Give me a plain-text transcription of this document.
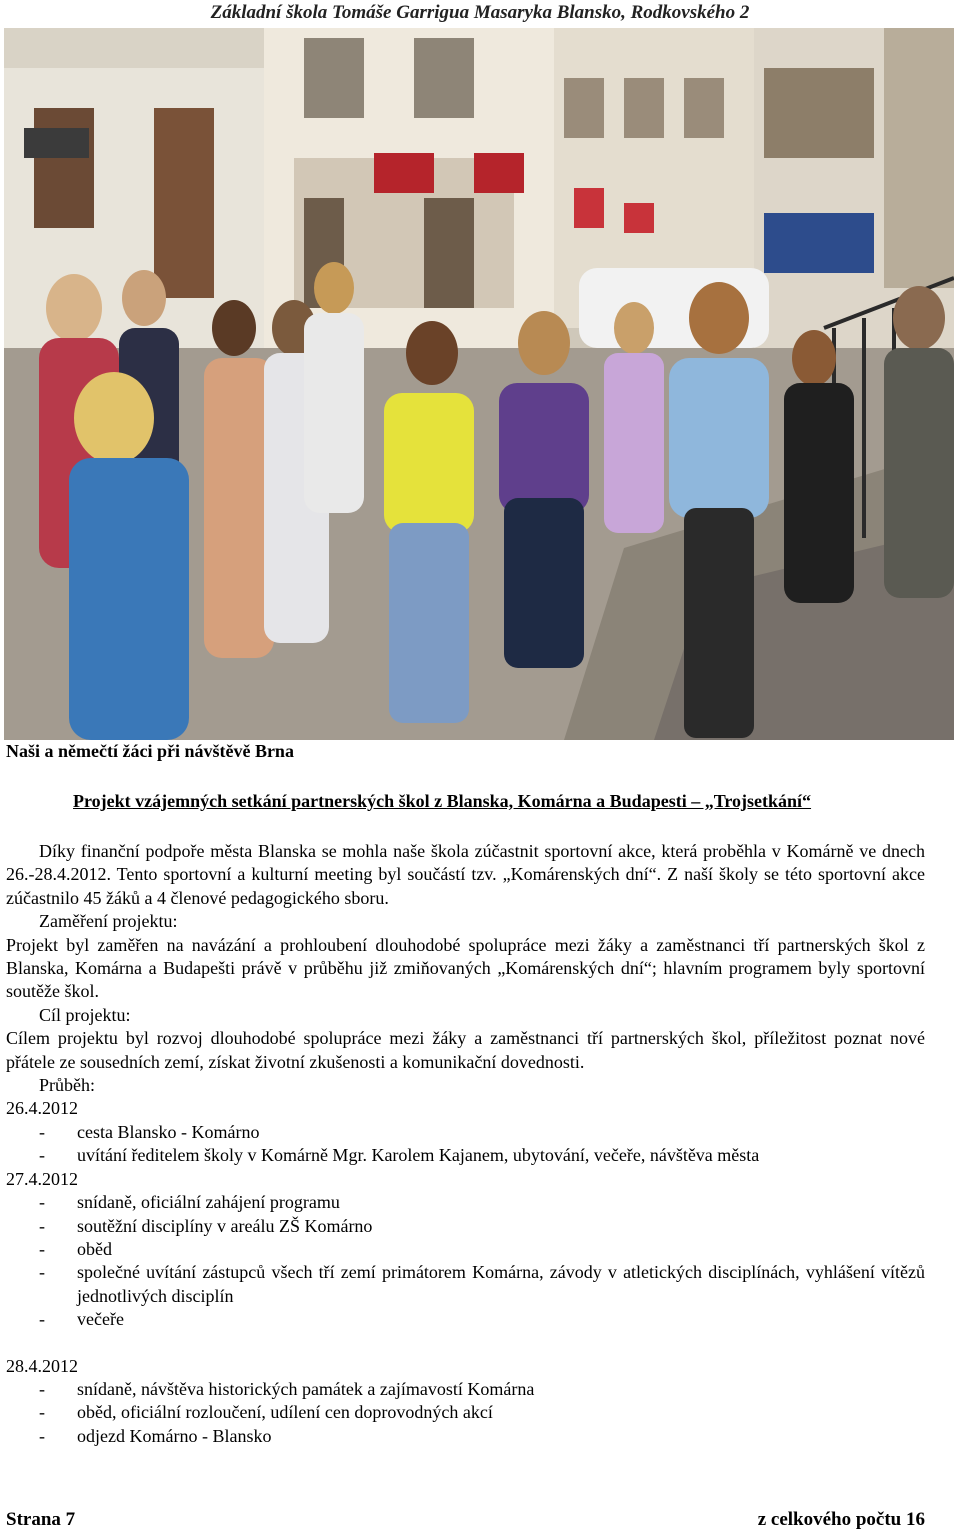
Základní škola Tomáše Garrigua Masaryka Blansko, Rodkovského 2
Naši a němečtí žáci při návštěvě Brna
Projekt vzájemných setkání partnerských škol z Blanska, Komárna a Budapesti – „Trojsetkání“

Díky finanční podpoře města Blanska se mohla naše škola zúčastnit sportovní akce, která proběhla v Komárně ve dnech 26.-28.4.2012. Tento sportovní a kulturní meeting byl součástí tzv. „Komárenských dní“. Z naší školy se této sportovní akce zúčastnilo 45 žáků a 4 členové pedagogického sboru.

Zaměření projektu:

Projekt byl zaměřen na navázání a prohloubení dlouhodobé spolupráce mezi žáky a zaměstnanci tří partnerských škol z Blanska, Komárna a Budapešti právě v průběhu již zmiňovaných „Komárenských dní“; hlavním programem byly sportovní soutěže škol.

Cíl projektu:

Cílem projektu byl rozvoj dlouhodobé spolupráce mezi žáky a zaměstnanci tří partnerských škol, příležitost poznat nové přátele ze sousedních zemí, získat životní zkušenosti a komunikační dovednosti.

Průběh:

26.4.2012

- cesta Blansko - Komárno

- uvítání ředitelem školy v Komárně Mgr. Karolem Kajanem, ubytování, večeře, návštěva města

27.4.2012

- snídaně, oficiální zahájení programu

- soutěžní disciplíny v areálu ZŠ Komárno

- oběd

- společné uvítání zástupců všech tří zemí primátorem Komárna, závody v atletických disciplínách, vyhlášení vítězů jednotlivých disciplín

- večeře

28.4.2012

- snídaně, návštěva historických památek a zajímavostí Komárna

- oběd, oficiální rozloučení, udílení cen doprovodných akcí

- odjezd Komárno - Blansko

Strana 7	z celkového počtu 16
